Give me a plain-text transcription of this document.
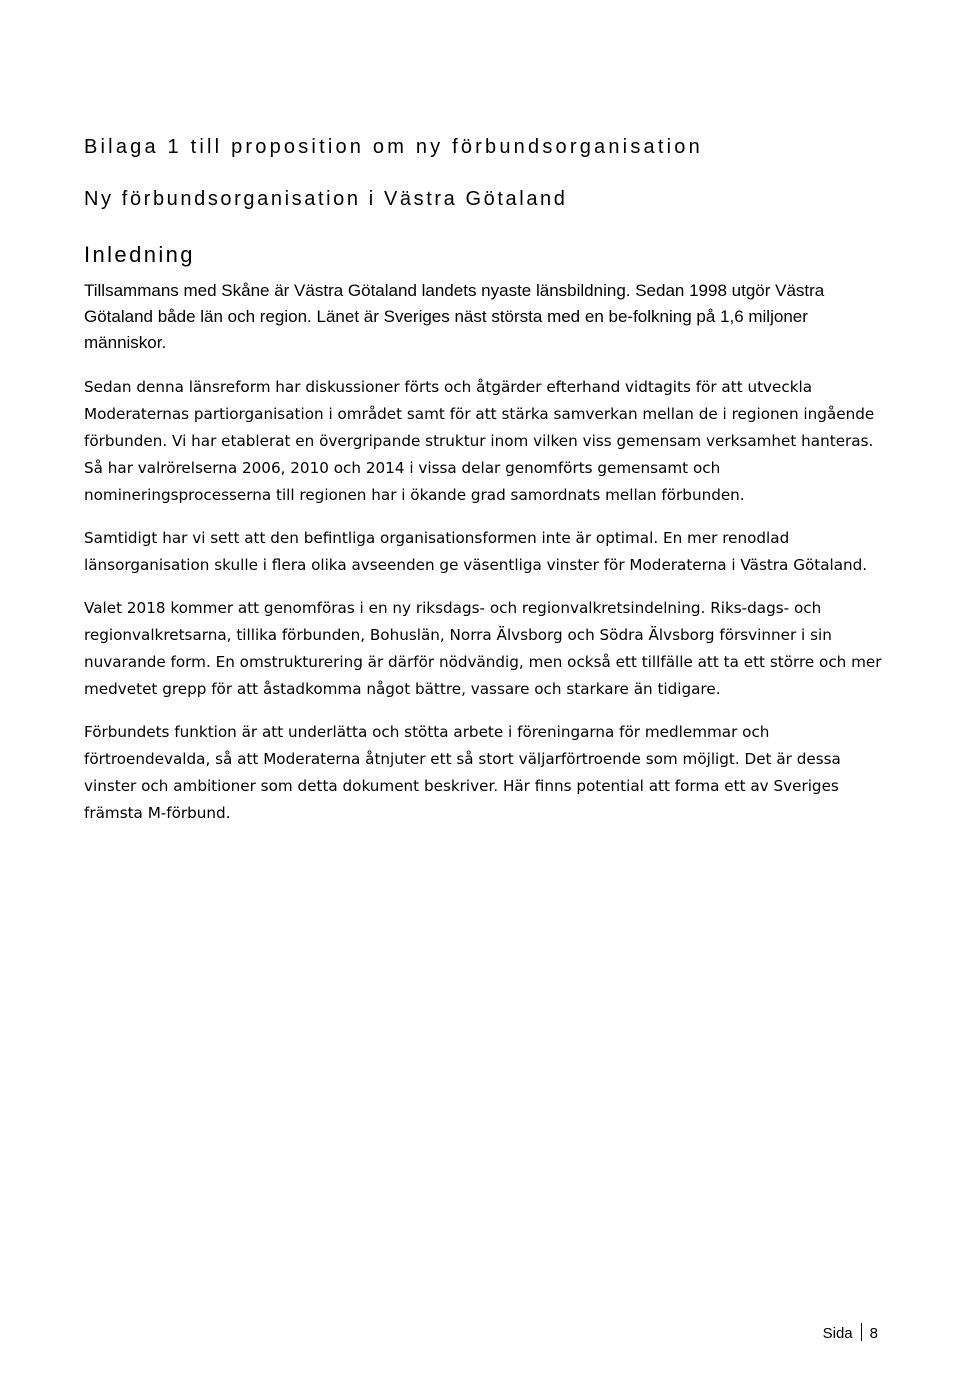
Bilaga 1 till proposition om ny förbundsorganisation
Ny förbundsorganisation i Västra Götaland
Inledning

Tillsammans med Skåne är Västra Götaland landets nyaste länsbildning. Sedan 1998 utgör Västra Götaland både län och region. Länet är Sveriges näst största med en be-folkning på 1,6 miljoner människor.

Sedan denna länsreform har diskussioner förts och åtgärder efterhand vidtagits för att utveckla Moderaternas partiorganisation i området samt för att stärka samverkan mellan de i regionen ingående förbunden. Vi har etablerat en övergripande struktur inom vilken viss gemensam verksamhet hanteras. Så har valrörelserna 2006, 2010 och 2014 i vissa delar genomförts gemensamt och nomineringsprocesserna till regionen har i ökande grad samordnats mellan förbunden.

Samtidigt har vi sett att den befintliga organisationsformen inte är optimal. En mer renodlad länsorganisation skulle i flera olika avseenden ge väsentliga vinster för Moderaterna i Västra Götaland.

Valet 2018 kommer att genomföras i en ny riksdags- och regionvalkretsindelning. Riks-dags- och regionvalkretsarna, tillika förbunden, Bohuslän, Norra Älvsborg och Södra Älvsborg försvinner i sin nuvarande form. En omstrukturering är därför nödvändig, men också ett tillfälle att ta ett större och mer medvetet grepp för att åstadkomma något bättre, vassare och starkare än tidigare.

Förbundets funktion är att underlätta och stötta arbete i föreningarna för medlemmar och förtroendevalda, så att Moderaterna åtnjuter ett så stort väljarförtroende som möjligt. Det är dessa vinster och ambitioner som detta dokument beskriver. Här finns potential att forma ett av Sveriges främsta M-förbund.

Sida 8
